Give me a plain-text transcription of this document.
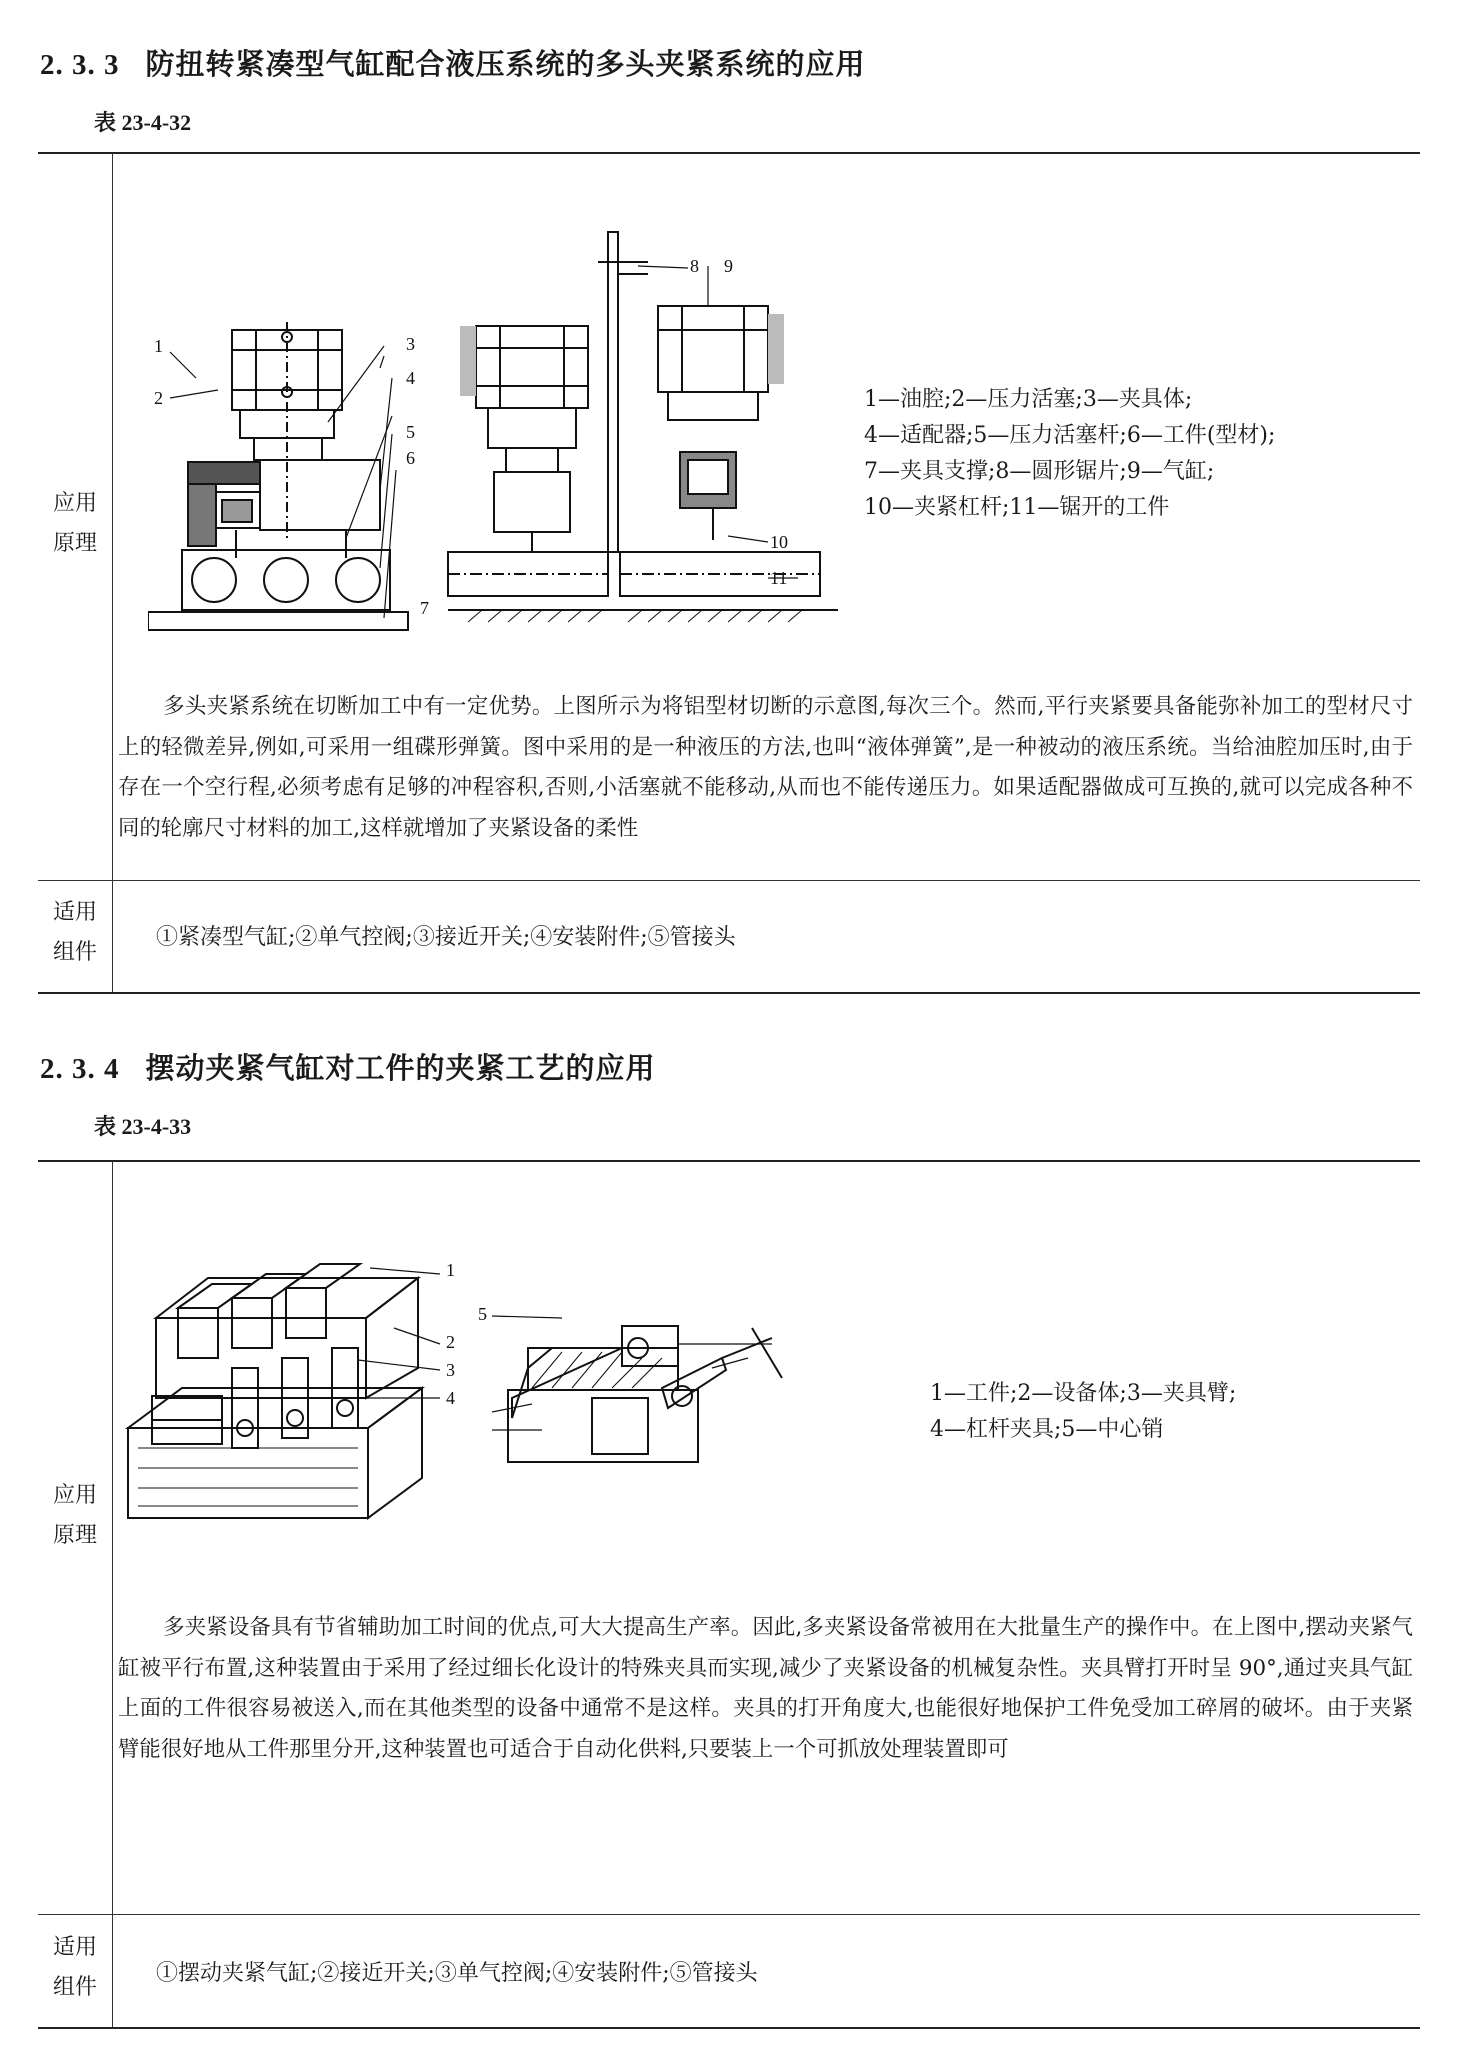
2. 3. 3 防扭转紧凑型气缸配合液压系统的多头夹紧系统的应用
表 23-4-32
应用
原理
1
2
3
4
5
6
7
8 9
10
11
1—油腔;2—压力活塞;3—夹具体;
4—适配器;5—压力活塞杆;6—工件(型材);
7—夹具支撑;8—圆形锯片;9—气缸;
10—夹紧杠杆;11—锯开的工件
多头夹紧系统在切断加工中有一定优势。上图所示为将铝型材切断的示意图,每次三个。然而,平行夹紧要具备能弥补加工的型材尺寸上的轻微差异,例如,可采用一组碟形弹簧。图中采用的是一种液压的方法,也叫“液体弹簧”,是一种被动的液压系统。当给油腔加压时,由于存在一个空行程,必须考虑有足够的冲程容积,否则,小活塞就不能移动,从而也不能传递压力。如果适配器做成可互换的,就可以完成各种不同的轮廓尺寸材料的加工,这样就增加了夹紧设备的柔性
适用
组件
①紧凑型气缸;②单气控阀;③接近开关;④安装附件;⑤管接头
2. 3. 4 摆动夹紧气缸对工件的夹紧工艺的应用
表 23-4-33
应用
原理
1
2
3
4
5
1—工件;2—设备体;3—夹具臂;
4—杠杆夹具;5—中心销
多夹紧设备具有节省辅助加工时间的优点,可大大提高生产率。因此,多夹紧设备常被用在大批量生产的操作中。在上图中,摆动夹紧气缸被平行布置,这种装置由于采用了经过细长化设计的特殊夹具而实现,减少了夹紧设备的机械复杂性。夹具臂打开时呈 90°,通过夹具气缸上面的工件很容易被送入,而在其他类型的设备中通常不是这样。夹具的打开角度大,也能很好地保护工件免受加工碎屑的破坏。由于夹紧臂能很好地从工件那里分开,这种装置也可适合于自动化供料,只要装上一个可抓放处理装置即可
适用
组件
①摆动夹紧气缸;②接近开关;③单气控阀;④安装附件;⑤管接头
